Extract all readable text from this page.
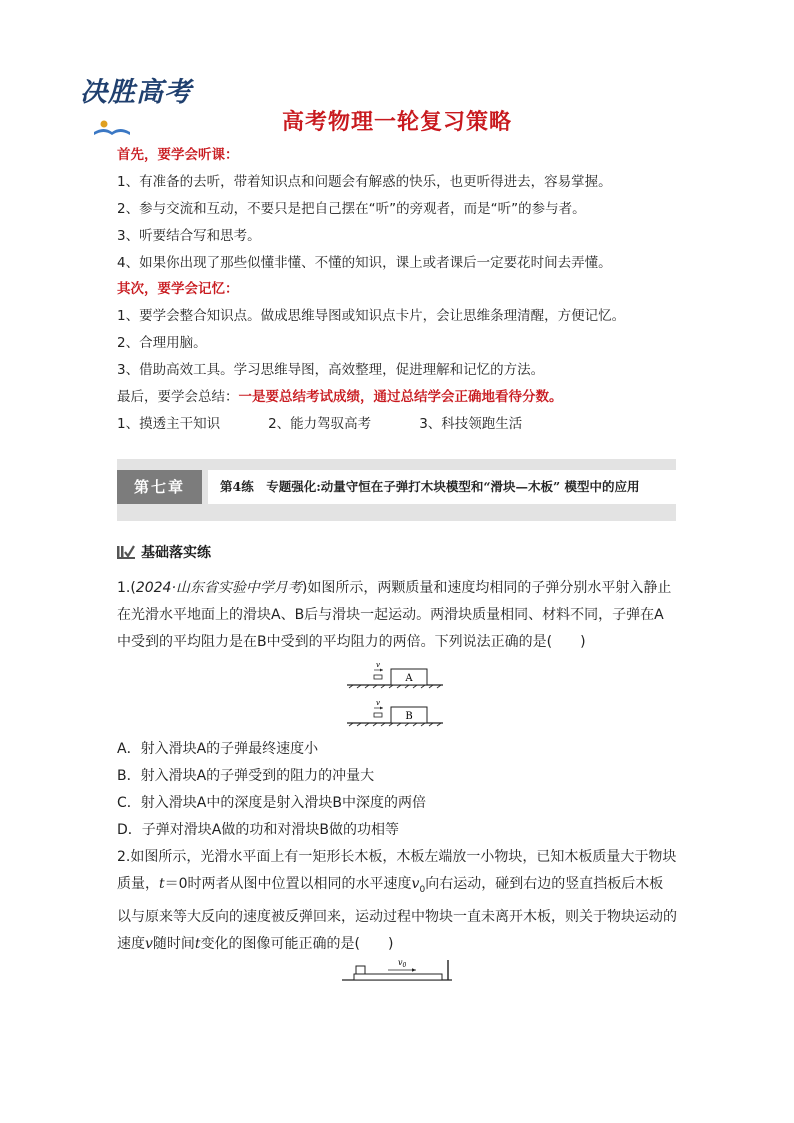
决胜高考
高考物理一轮复习策略
首先，要学会听课：
1、有准备的去听，带着知识点和问题会有解惑的快乐，也更听得进去，容易掌握。
2、参与交流和互动，不要只是把自己摆在“听”的旁观者，而是“听”的参与者。
3、听要结合写和思考。
4、如果你出现了那些似懂非懂、不懂的知识，课上或者课后一定要花时间去弄懂。
其次，要学会记忆：
1、要学会整合知识点。做成思维导图或知识点卡片，会让思维条理清醒，方便记忆。
2、合理用脑。
3、借助高效工具。学习思维导图，高效整理，促进理解和记忆的方法。
最后，要学会总结：一是要总结考试成绩，通过总结学会正确地看待分数。
1、摸透主干知识	2、能力驾驭高考	3、科技领跑生活
第七章	第4练　专题强化:动量守恒在子弹打木块模型和“滑块—木板” 模型中的应用
基础落实练
1.(2024·山东省实验中学月考)如图所示，两颗质量和速度均相同的子弹分别水平射入静止在光滑水平地面上的滑块A、B后与滑块一起运动。两滑块质量相同、材料不同，子弹在A中受到的平均阻力是在B中受到的平均阻力的两倍。下列说法正确的是(　　)
A
v
B
v
A．射入滑块A的子弹最终速度小
B．射入滑块A的子弹受到的阻力的冲量大
C．射入滑块A中的深度是射入滑块B中深度的两倍
D．子弹对滑块A做的功和对滑块B做的功相等
2.如图所示，光滑水平面上有一矩形长木板，木板左端放一小物块，已知木板质量大于物块质量，t＝0时两者从图中位置以相同的水平速度$v_0$向右运动，碰到右边的竖直挡板后木板以与原来等大反向的速度被反弹回来，运动过程中物块一直未离开木板，则关于物块运动的速度v随时间t变化的图像可能正确的是(　　)
$v_0$
